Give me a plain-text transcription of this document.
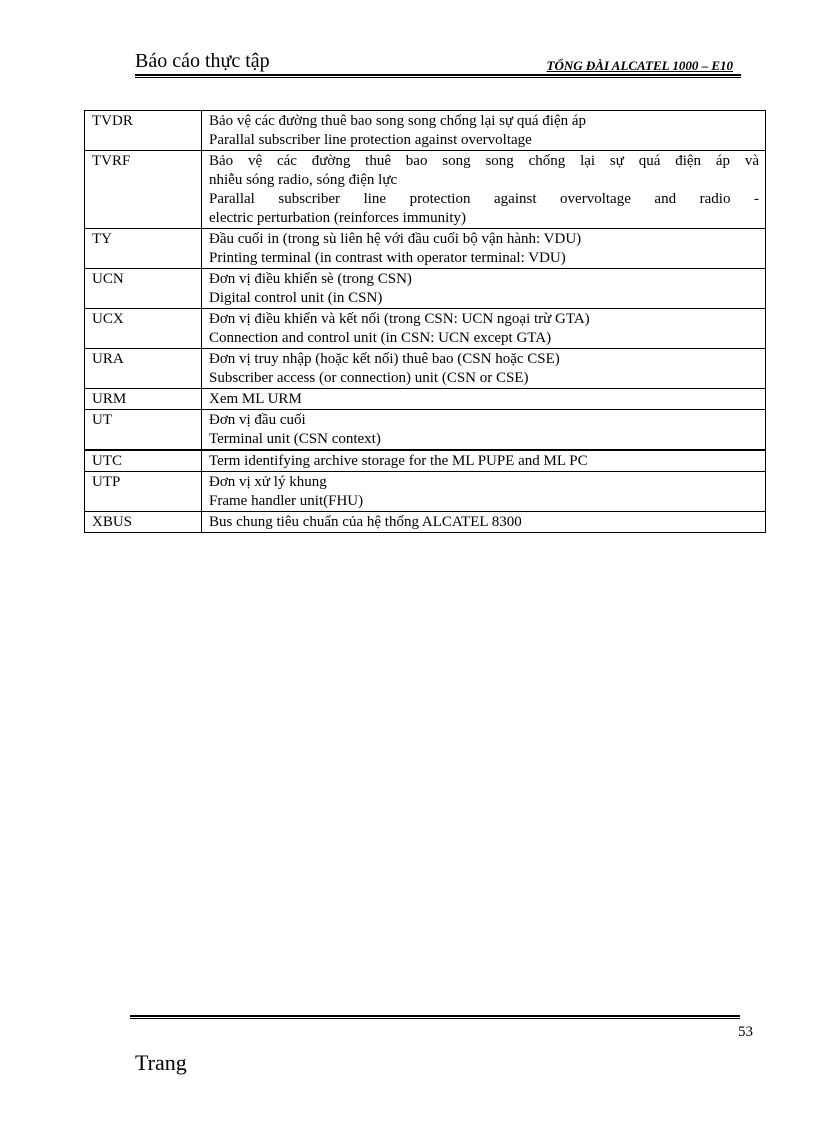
Báo cáo thực tập	TỔNG ĐÀI ALCATEL 1000 – E10
TVDR	Bảo vệ các đường thuê bao song song chống lại sự quá điện áp
Parallal subscriber line protection against overvoltage

TVRF	Bảo vệ các đường thuê bao song song chống lại sự quá điện áp và
nhiễu sóng radio, sóng điện lực
Parallal subscriber line protection against overvoltage and radio -
electric perturbation (reinforces immunity)

TY	Đầu cuối in (trong sù liên hệ với đầu cuối bộ vận hành: VDU)
Printing terminal (in contrast with operator terminal: VDU)

UCN	Đơn vị điều khiển sè (trong CSN)
Digital control unit (in CSN)

UCX	Đơn vị điều khiển và kết nối (trong CSN: UCN ngoại trừ GTA)
Connection and control unit (in CSN: UCN except GTA)

URA	Đơn vị truy nhập (hoặc kết nối) thuê bao (CSN hoặc CSE)
Subscriber access (or connection) unit (CSN or CSE)

URM	Xem ML URM

UT	Đơn vị đầu cuối
Terminal unit (CSN context)

UTC	Term identifying archive storage for the ML PUPE and ML PC

UTP	Đơn vị xử lý khung
Frame handler unit(FHU)

XBUS	Bus chung tiêu chuẩn của hệ thống ALCATEL 8300
53
Trang
